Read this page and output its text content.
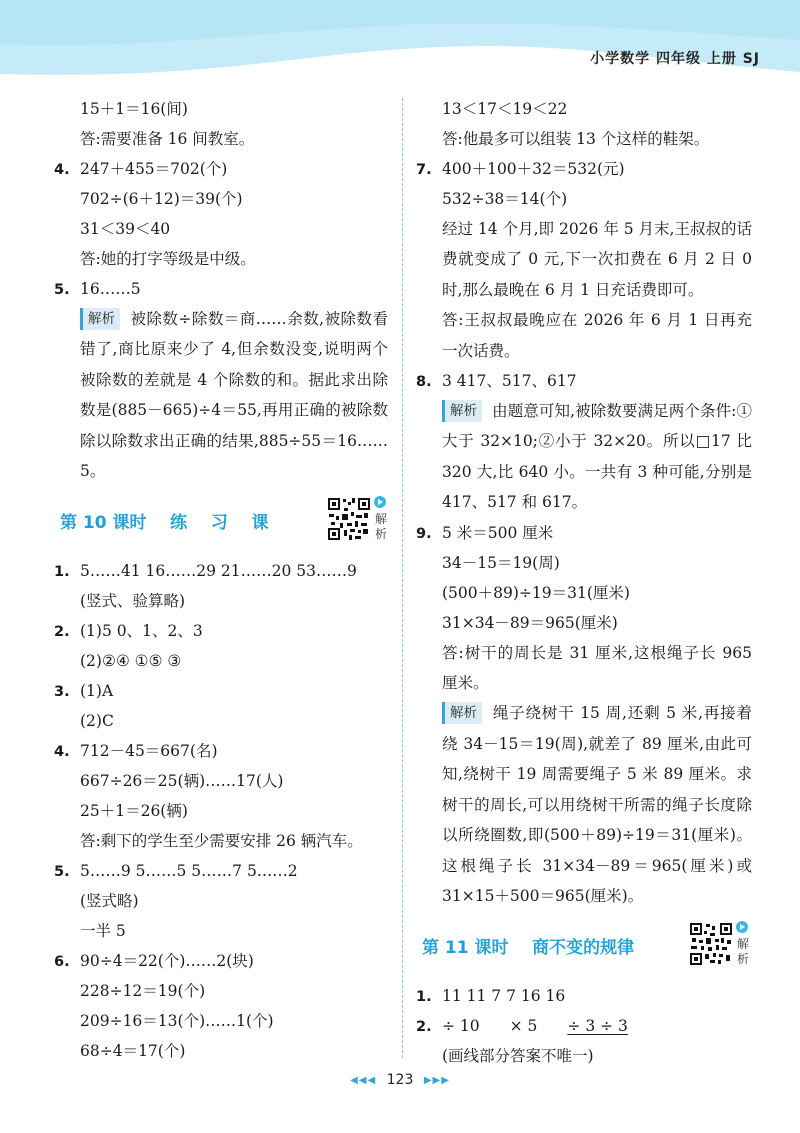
小学数学 四年级 上册 SJ
15＋1＝16(间)
答:需要准备 16 间教室。
4. 247＋455＝702(个)
702÷(6＋12)＝39(个)
31＜39＜40
答:她的打字等级是中级。
5. 16……5

解析 被除数÷除数＝商……余数,被除数看错了,商比原来少了 4,但余数没变,说明两个被除数的差就是 4 个除数的和。据此求出除数是(885－665)÷4＝55,再用正确的被除数除以除数求出正确的结果,885÷55＝16……5。

第 10 课时    练    习    课	解析
1. 5……41 16……29 21……20 53……9
(竖式、验算略)
2. (1)5 0、1、2、3
(2)②④ ①⑤ ③
3. (1)A
(2)C
4. 712－45＝667(名)
667÷26＝25(辆)……17(人)
25＋1＝26(辆)
答:剩下的学生至少需要安排 26 辆汽车。
5. 5……9 5……5 5……7 5……2
(竖式略)
一半 5
6. 90÷4＝22(个)……2(块)
228÷12＝19(个)
209÷16＝13(个)……1(个)
68÷4＝17(个)
13＜17＜19＜22
答:他最多可以组装 13 个这样的鞋架。
7. 400＋100＋32＝532(元)
532÷38＝14(个)

经过 14 个月,即 2026 年 5 月末,王叔叔的话费就变成了 0 元,下一次扣费在 6 月 2 日 0 时,那么最晚在 6 月 1 日充话费即可。

答:王叔叔最晚应在 2026 年 6 月 1 日再充一次话费。

8. 3 417、517、617

解析 由题意可知,被除数要满足两个条件:①大于 32×10;②小于 32×20。所以□17 比 320 大,比 640 小。一共有 3 种可能,分别是 417、517 和 617。

9. 5 米＝500 厘米
34－15＝19(周)
(500＋89)÷19＝31(厘米)
31×34－89＝965(厘米)

答:树干的周长是 31 厘米,这根绳子长 965 厘米。

解析 绳子绕树干 15 周,还剩 5 米,再接着绕 34－15＝19(周),就差了 89 厘米,由此可知,绕树干 19 周需要绳子 5 米 89 厘米。求树干的周长,可以用绕树干所需的绳子长度除以所绕圈数,即(500＋89)÷19＝31(厘米)。这根绳子长 31×34－89＝965(厘米)或31×15＋500＝965(厘米)。

第 11 课时    商不变的规律	解析
1. 11 11 7 7 16 16
2. ÷ 10 × 5 ÷ 3 ÷ 3
(画线部分答案不唯一)
◀◀◀ 123 ▶▶▶
